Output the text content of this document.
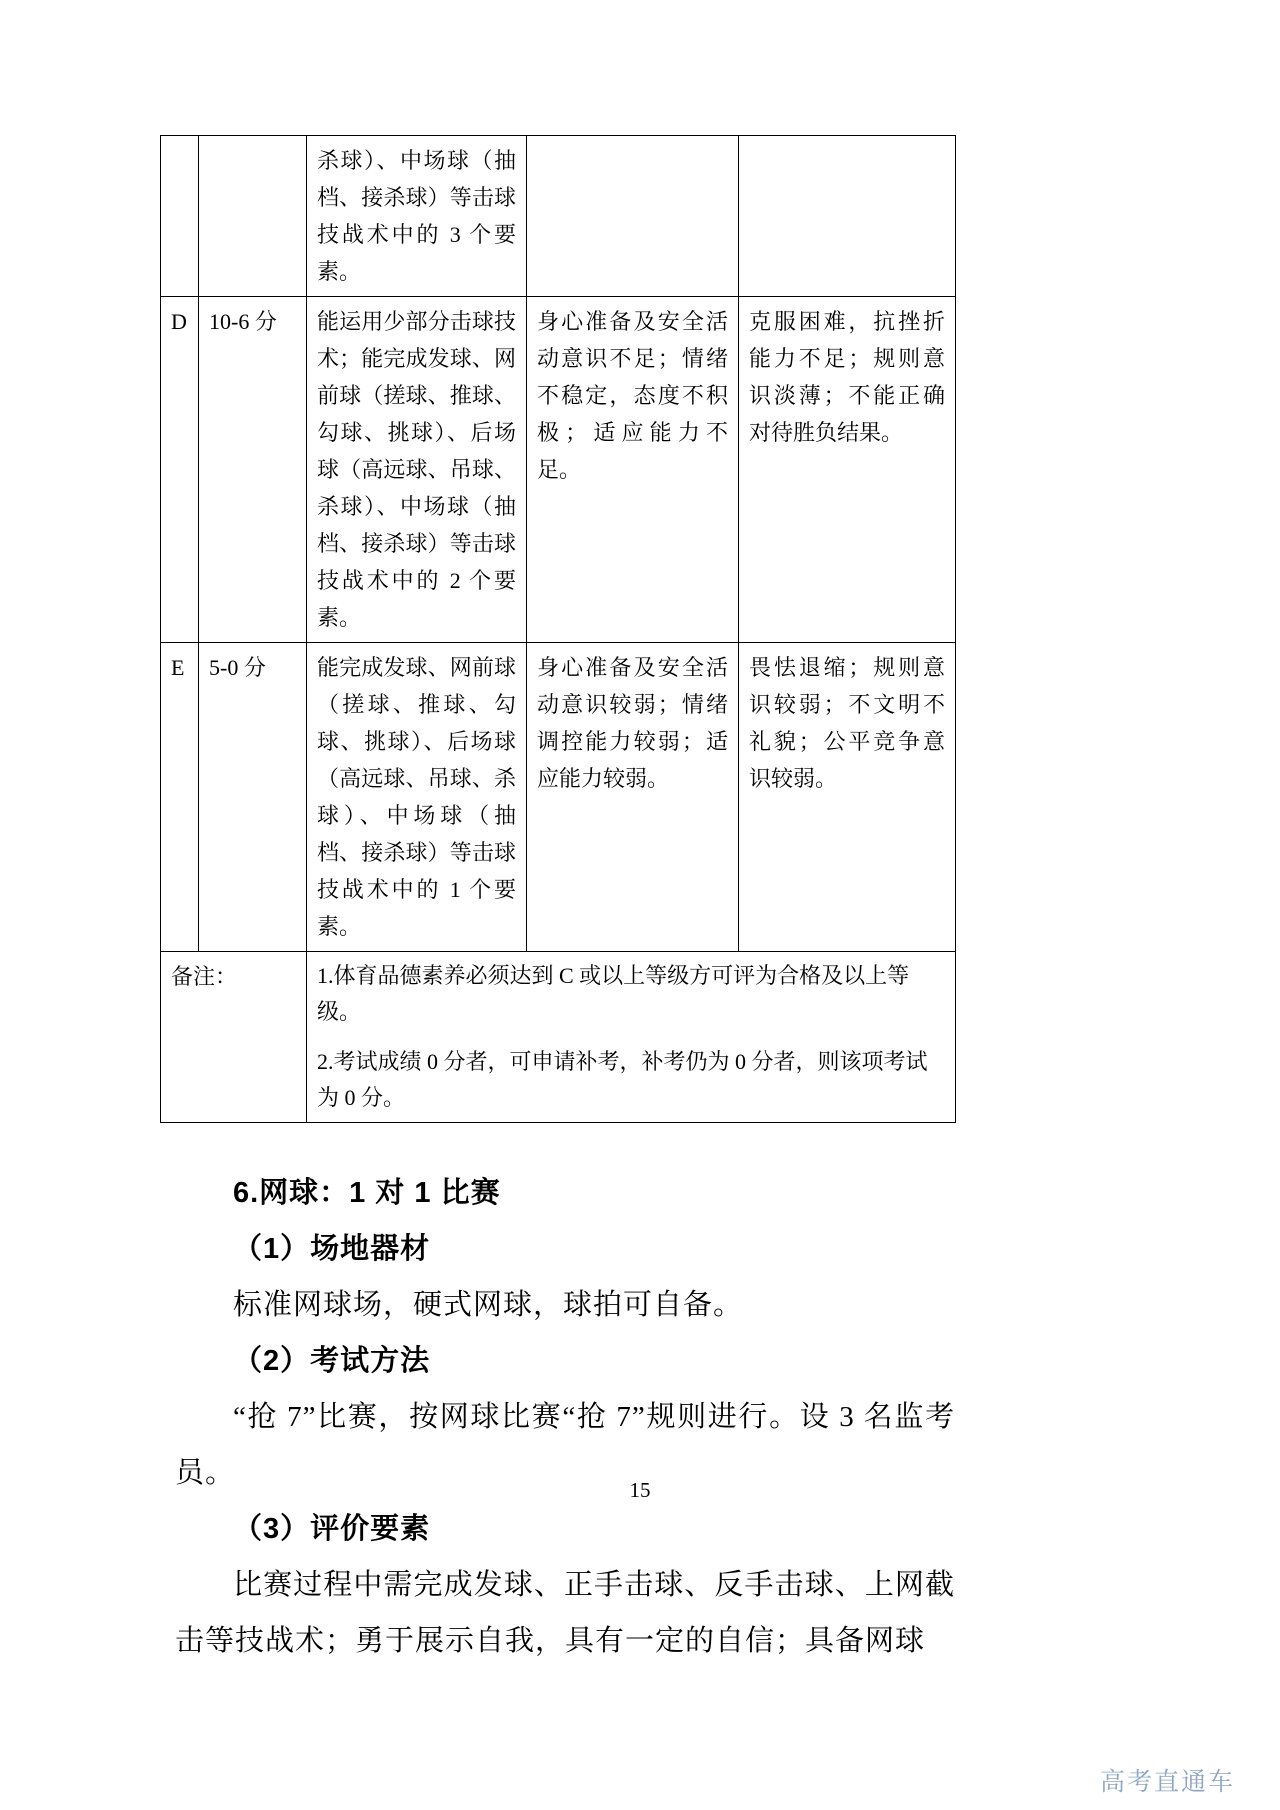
		杀球）、中场球（抽档、接杀球）等击球技战术中的 3 个要素。		
D	10-6 分	能运用少部分击球技术；能完成发球、网前球（搓球、推球、勾球、挑球）、后场球（高远球、吊球、杀球）、中场球（抽档、接杀球）等击球技战术中的 2 个要素。	身心准备及安全活动意识不足；情绪不稳定，态度不积极；适应能力不足。	克服困难，抗挫折能力不足；规则意识淡薄；不能正确对待胜负结果。
E	5-0 分	能完成发球、网前球（搓球、推球、勾球、挑球）、后场球（高远球、吊球、杀球）、中场球（抽档、接杀球）等击球技战术中的 1 个要素。	身心准备及安全活动意识较弱；情绪调控能力较弱；适应能力较弱。	畏怯退缩；规则意识较弱；不文明不礼貌；公平竞争意识较弱。
备注：		1.体育品德素养必须达到 C 或以上等级方可评为合格及以上等级。

2.考试成绩 0 分者，可申请补考，补考仍为 0 分者，则该项考试为 0 分。		

6.网球：1 对 1 比赛

（1）场地器材

标准网球场，硬式网球，球拍可自备。

（2）考试方法

“抢 7”比赛，按网球比赛“抢 7”规则进行。设 3 名监考员。

（3）评价要素

比赛过程中需完成发球、正手击球、反手击球、上网截击等技战术；勇于展示自我，具有一定的自信；具备网球

15
高考直通车
